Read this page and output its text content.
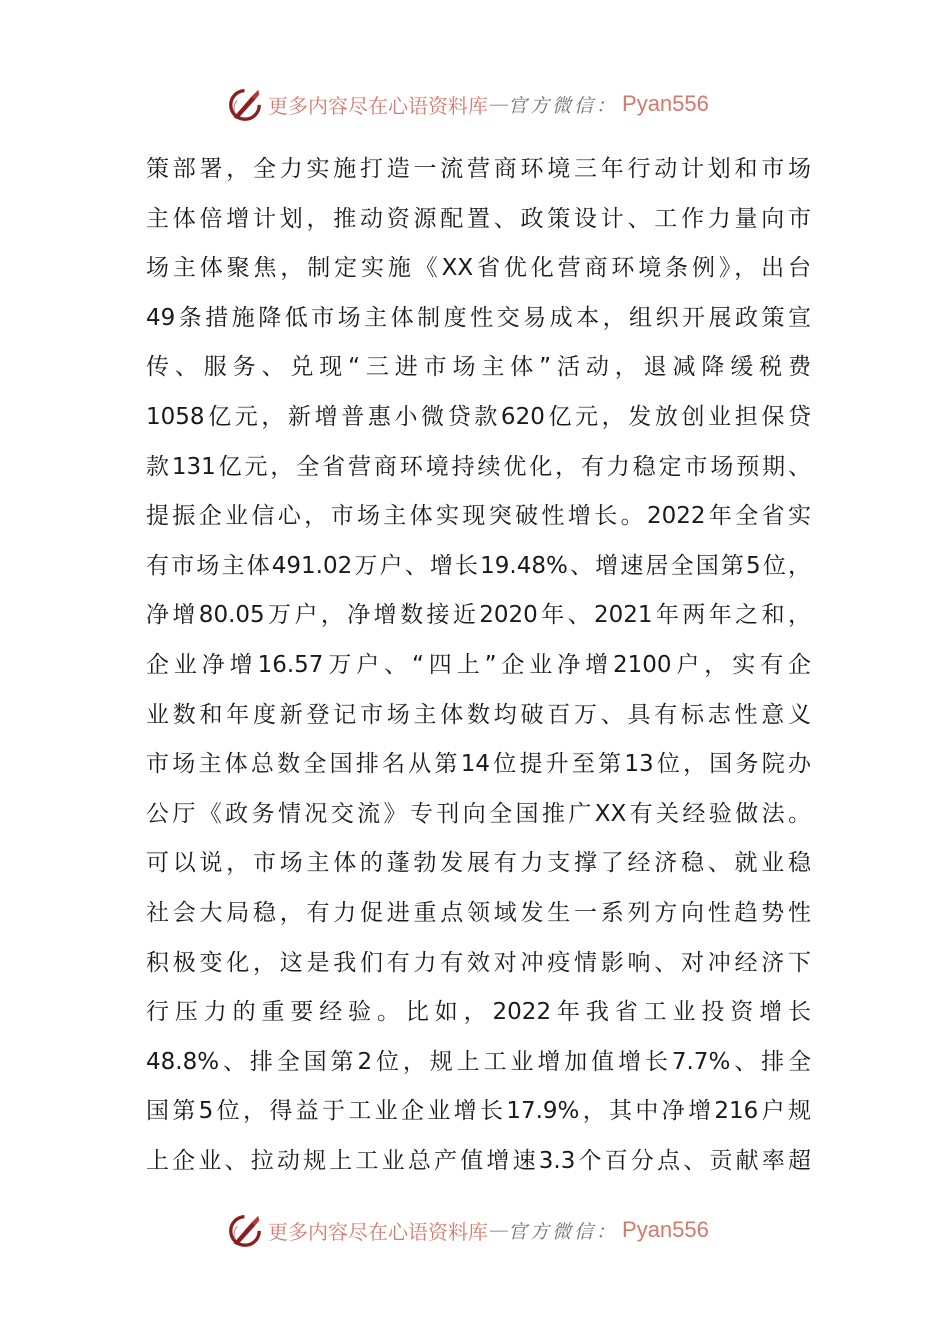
更多内容尽在心语资料库 — 官方微信： Pyan556
策部署，全力实施打造一流营商环境三年行动计划和市场
主体倍增计划，推动资源配置、政策设计、工作力量向市
场主体聚焦，制定实施《XX省优化营商环境条例》，出台
49条措施降低市场主体制度性交易成本，组织开展政策宣
传、服务、兑现“三进市场主体”活动，退减降缓税费
1058亿元，新增普惠小微贷款620亿元，发放创业担保贷
款131亿元，全省营商环境持续优化，有力稳定市场预期、
提振企业信心，市场主体实现突破性增长。2022年全省实
有市场主体491.02万户、增长19.48%、增速居全国第5位，
净增80.05万户，净增数接近2020年、2021年两年之和，
企业净增16.57万户、“四上”企业净增2100户，实有企
业数和年度新登记市场主体数均破百万、具有标志性意义
市场主体总数全国排名从第14位提升至第13位，国务院办
公厅《政务情况交流》专刊向全国推广XX有关经验做法。
可以说，市场主体的蓬勃发展有力支撑了经济稳、就业稳
社会大局稳，有力促进重点领域发生一系列方向性趋势性
积极变化，这是我们有力有效对冲疫情影响、对冲经济下
行压力的重要经验。比如，2022年我省工业投资增长
48.8%、排全国第2位，规上工业增加值增长7.7%、排全
国第5位，得益于工业企业增长17.9%，其中净增216户规
上企业、拉动规上工业总产值增速3.3个百分点、贡献率超
更多内容尽在心语资料库 — 官方微信： Pyan556
